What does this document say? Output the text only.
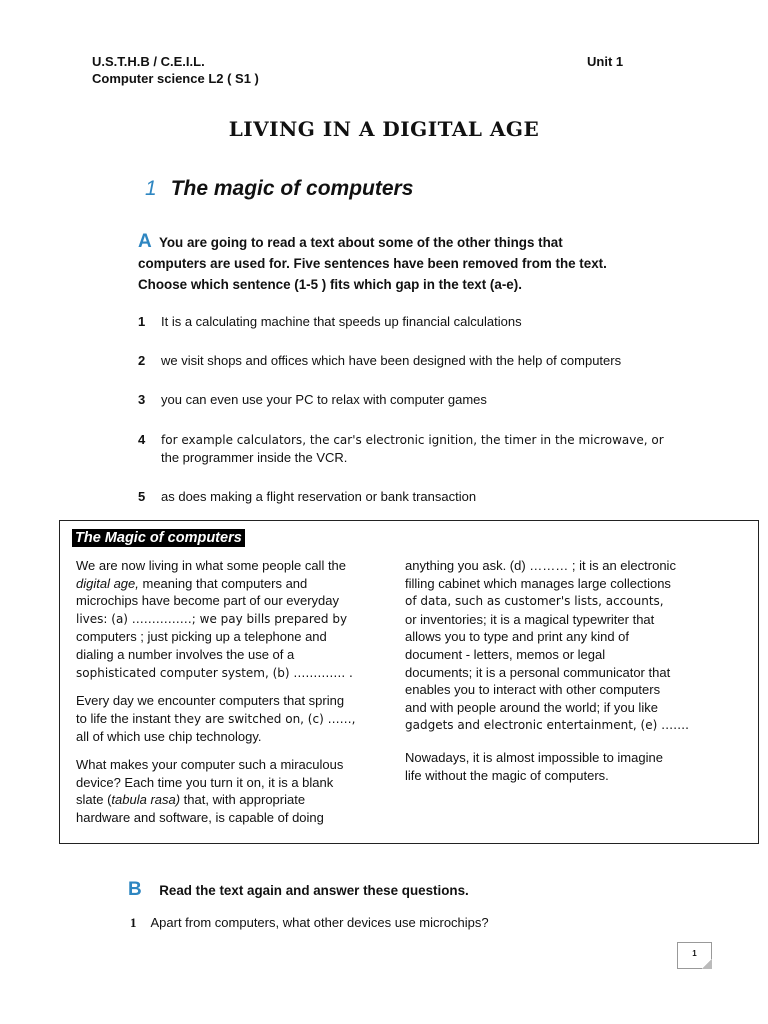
U.S.T.H.B / C.E.I.L.
Computer science L2 ( S1 )
Unit 1
LIVING IN A DIGITAL AGE
1 The magic of computers
A You are going to read a text about some of the other things that
computers are used for. Five sentences have been removed from the text.
Choose which sentence (1-5 ) fits which gap in the text (a-e).
1 It is a calculating machine that speeds up financial calculations
2 we visit shops and offices which have been designed with the help of computers
3 you can even use your PC to relax with computer games
4 for example calculators, the car's electronic ignition, the timer in the microwave, or
the programmer inside the VCR.
5 as does making a flight reservation or bank transaction
The Magic of computers

We are now living in what some people call the
digital age, meaning that computers and
microchips have become part of our everyday
lives: (a) ……………; we pay bills prepared by
computers ; just picking up a telephone and
dialing a number involves the use of a
sophisticated computer system, (b) …………. .

Every day we encounter computers that spring
to life the instant they are switched on, (c) ……,
all of which use chip technology.

What makes your computer such a miraculous
device? Each time you turn it on, it is a blank
slate (tabula rasa) that, with appropriate
hardware and software, is capable of doing

anything you ask. (d) ……… ; it is an electronic
filling cabinet which manages large collections
of data, such as customer's lists, accounts,
or inventories; it is a magical typewriter that
allows you to type and print any kind of
document - letters, memos or legal
documents; it is a personal communicator that
enables you to interact with other computers
and with people around the world; if you like
gadgets and electronic entertainment, (e) …….

Nowadays, it is almost impossible to imagine
life without the magic of computers.

B Read the text again and answer these questions.
1 Apart from computers, what other devices use microchips?
1
